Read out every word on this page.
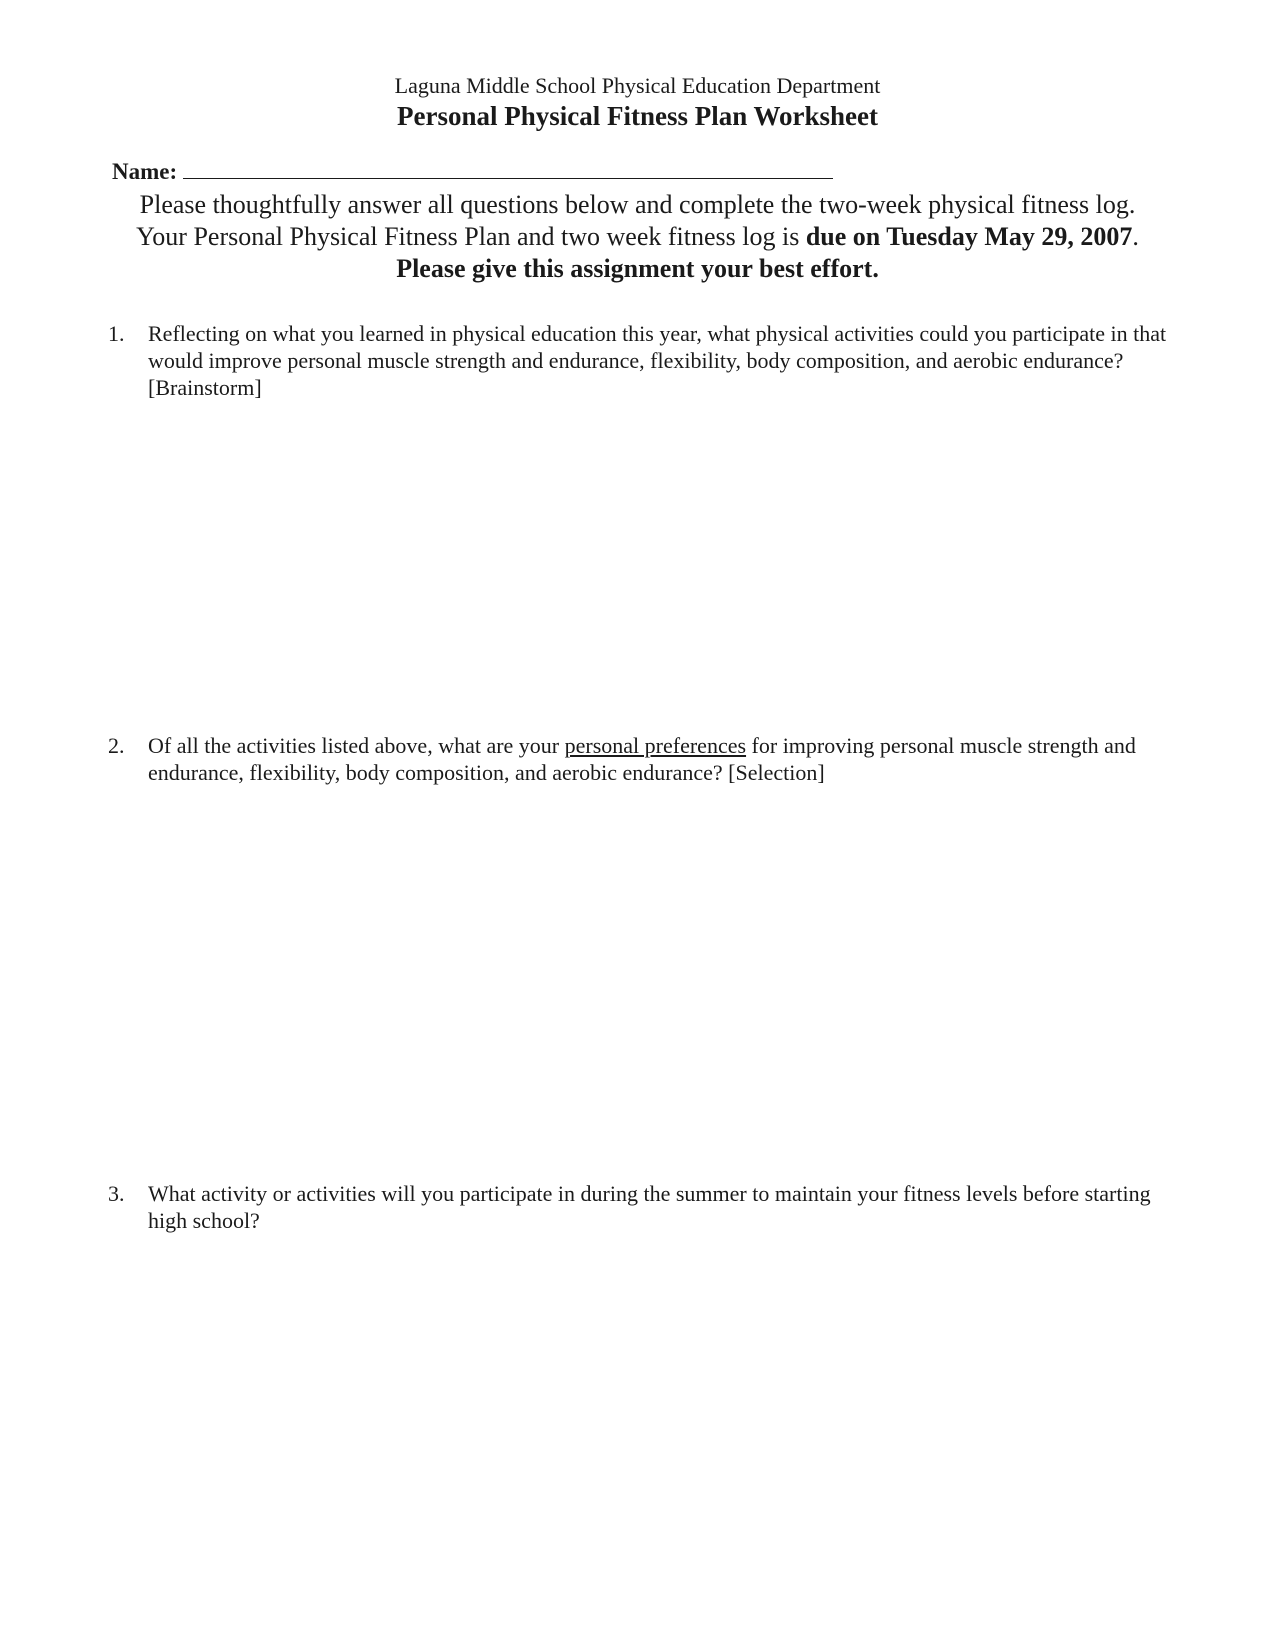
Laguna Middle School Physical Education Department
Personal Physical Fitness Plan Worksheet
Name:
Please thoughtfully answer all questions below and complete the two-week physical fitness log.
Your Personal Physical Fitness Plan and two week fitness log is due on Tuesday May 29, 2007.
Please give this assignment your best effort.
1. Reflecting on what you learned in physical education this year, what physical activities could you participate in that would improve personal muscle strength and endurance, flexibility, body composition, and aerobic endurance? [Brainstorm]
2. Of all the activities listed above, what are your personal preferences for improving personal muscle strength and endurance, flexibility, body composition, and aerobic endurance? [Selection]
3. What activity or activities will you participate in during the summer to maintain your fitness levels before starting high school?
